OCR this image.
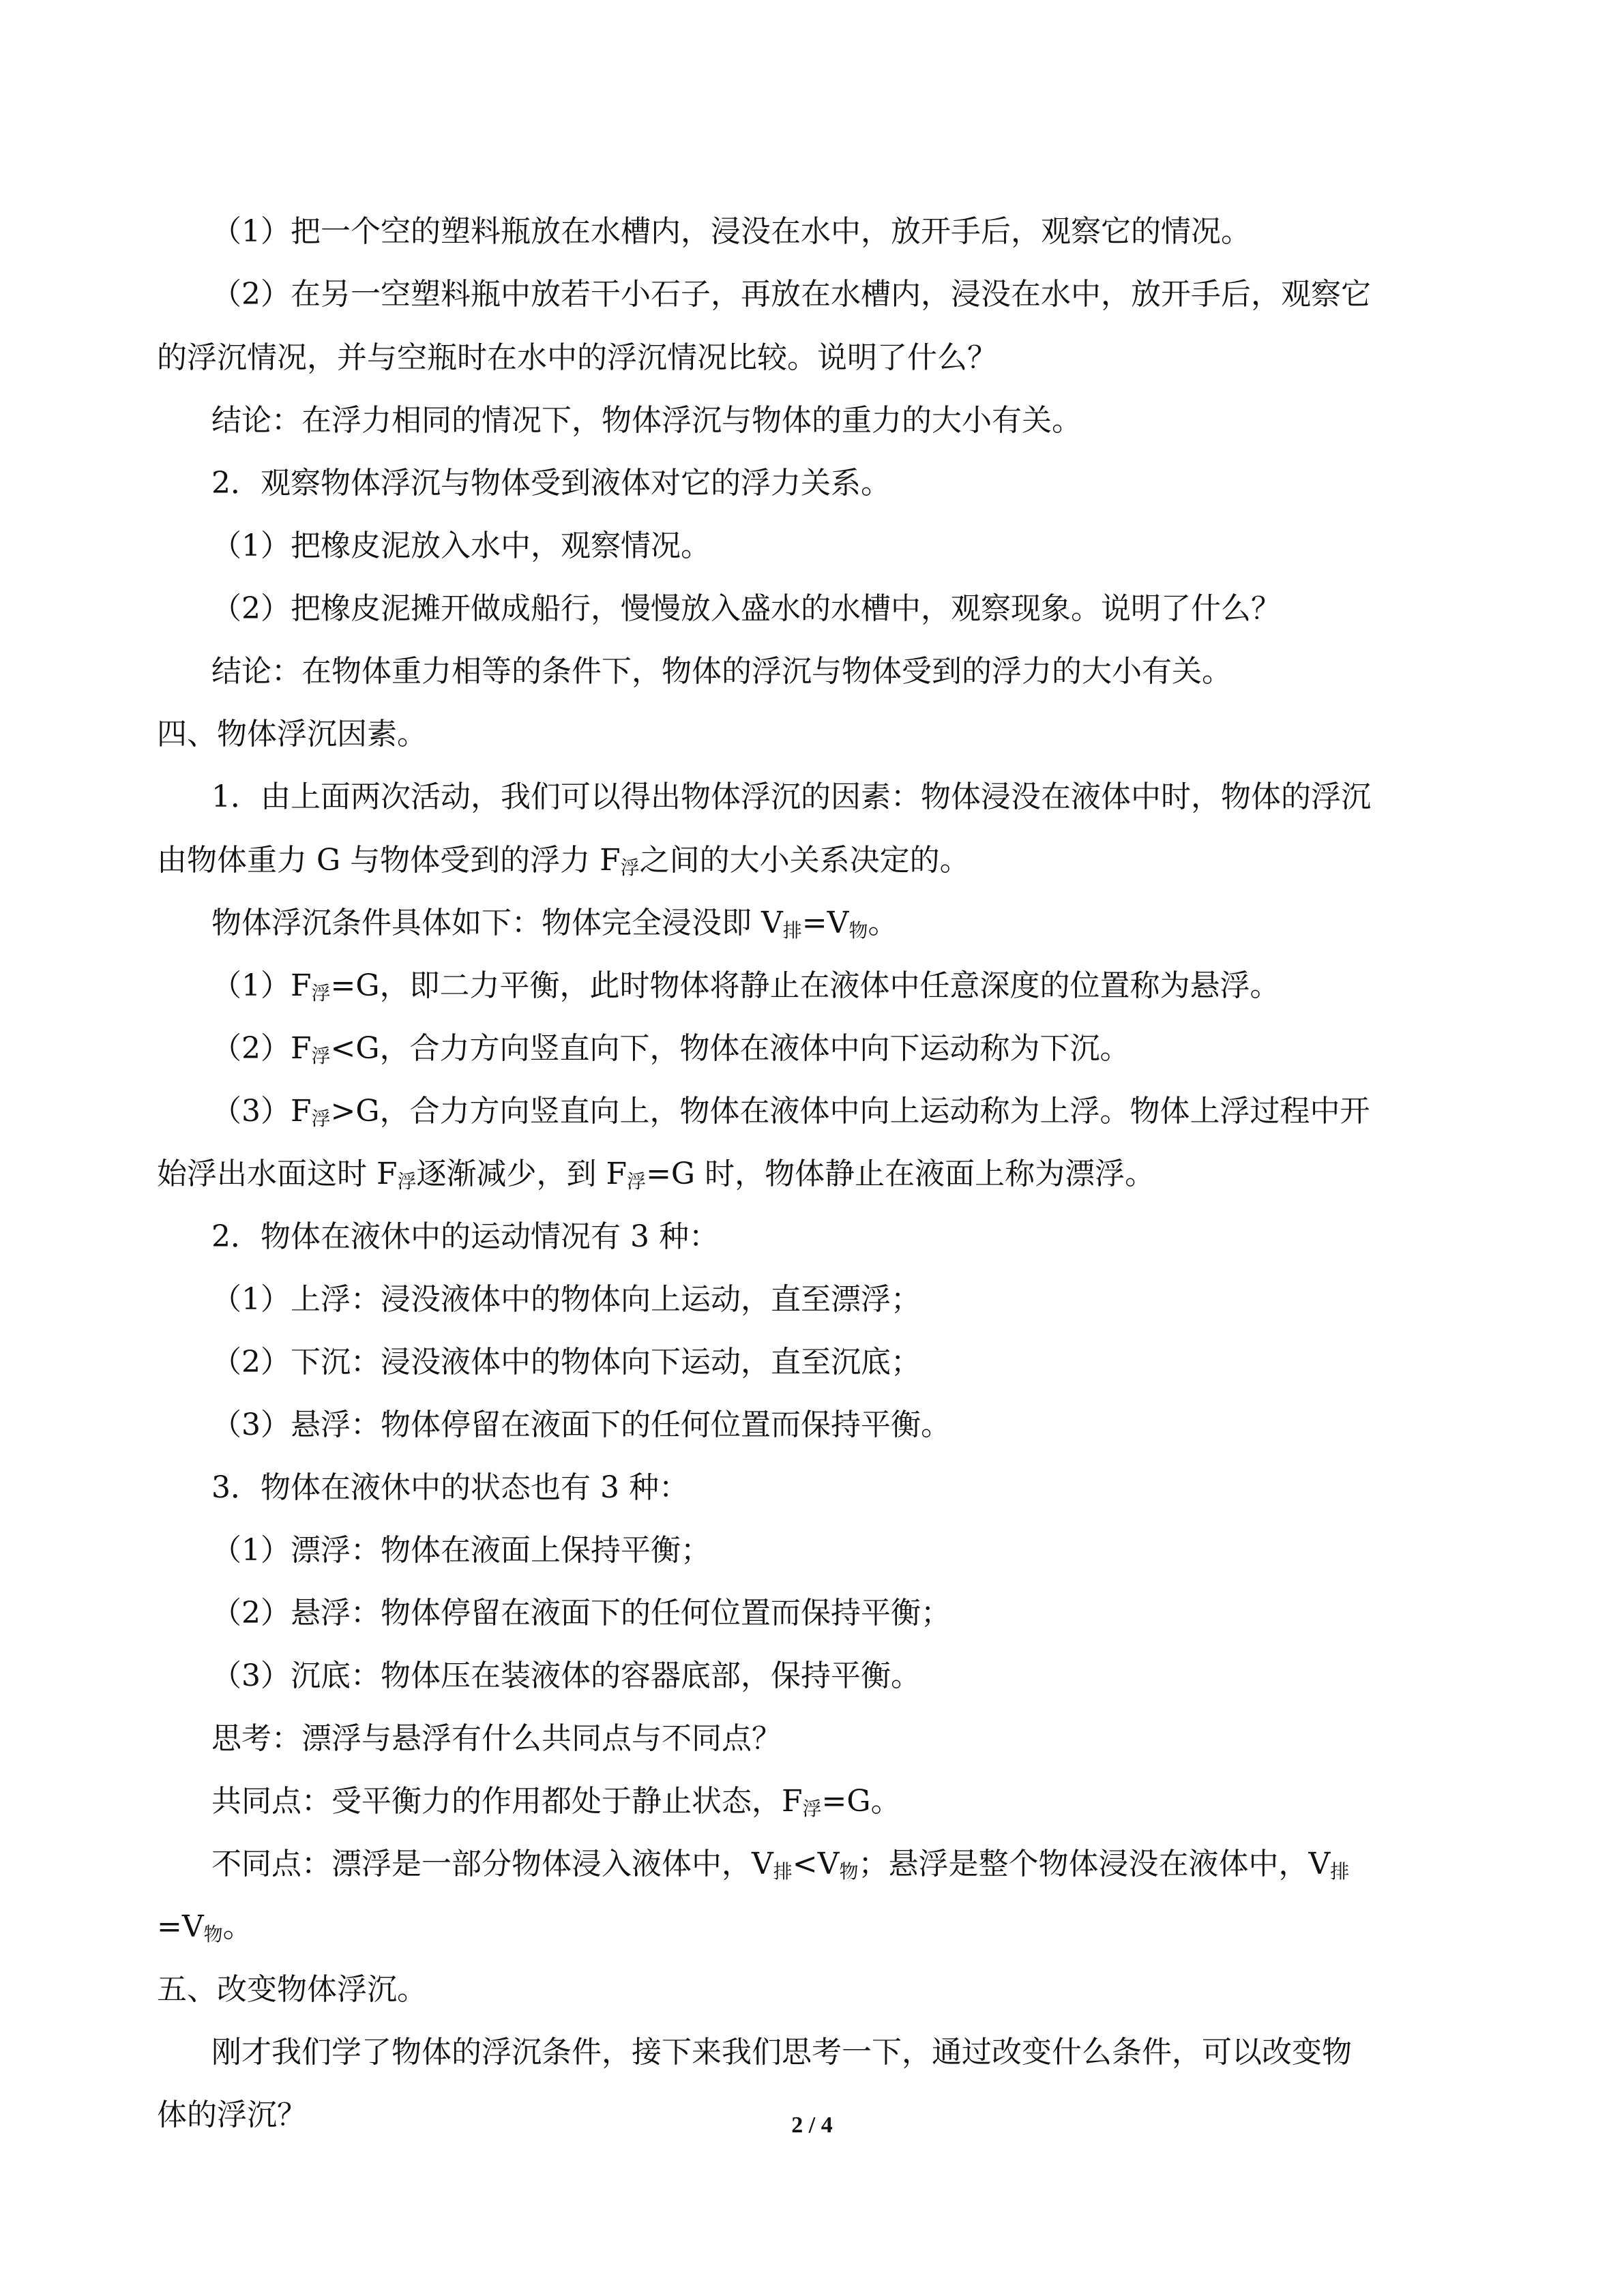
（1）把一个空的塑料瓶放在水槽内，浸没在水中，放开手后，观察它的情况。
（2）在另一空塑料瓶中放若干小石子，再放在水槽内，浸没在水中，放开手后，观察它
的浮沉情况，并与空瓶时在水中的浮沉情况比较。说明了什么？
结论：在浮力相同的情况下，物体浮沉与物体的重力的大小有关。
2．观察物体浮沉与物体受到液体对它的浮力关系。
（1）把橡皮泥放入水中，观察情况。
（2）把橡皮泥摊开做成船行，慢慢放入盛水的水槽中，观察现象。说明了什么？
结论：在物体重力相等的条件下，物体的浮沉与物体受到的浮力的大小有关。
四、物体浮沉因素。
1．由上面两次活动，我们可以得出物体浮沉的因素：物体浸没在液体中时，物体的浮沉
由物体重力 G 与物体受到的浮力 $F_浮$之间的大小关系决定的。
物体浮沉条件具体如下：物体完全浸没即 $V_排=V_物$。
$(1)F_浮=G$，即二力平衡，此时物体将静止在液体中任意深度的位置称为悬浮。
$(2)F_浮<G$，合力方向竖直向下，物体在液体中向下运动称为下沉。
$(3)F_浮>G$，合力方向竖直向上，物体在液体中向上运动称为上浮。物体上浮过程中开
始浮出水面这时 $F_浮$逐渐减少，到 $F_浮=G$ 时，物体静止在液面上称为漂浮。
2．物体在液休中的运动情况有 3 种：
（1）上浮：浸没液体中的物体向上运动，直至漂浮；
（2）下沉：浸没液体中的物体向下运动，直至沉底；
（3）悬浮：物体停留在液面下的任何位置而保持平衡。
3．物体在液休中的状态也有 3 种：
（1）漂浮：物体在液面上保持平衡；
（2）悬浮：物体停留在液面下的任何位置而保持平衡；
（3）沉底：物体压在装液体的容器底部，保持平衡。
思考：漂浮与悬浮有什么共同点与不同点？
共同点：受平衡力的作用都处于静止状态，$F_浮=G$。
不同点：漂浮是一部分物体浸入液体中，$V_排<V_物$；悬浮是整个物体浸没在液体中，$V_排$
$=V_物$。
五、改变物体浮沉。
刚才我们学了物体的浮沉条件，接下来我们思考一下，通过改变什么条件，可以改变物
体的浮沉？	2 / 4
